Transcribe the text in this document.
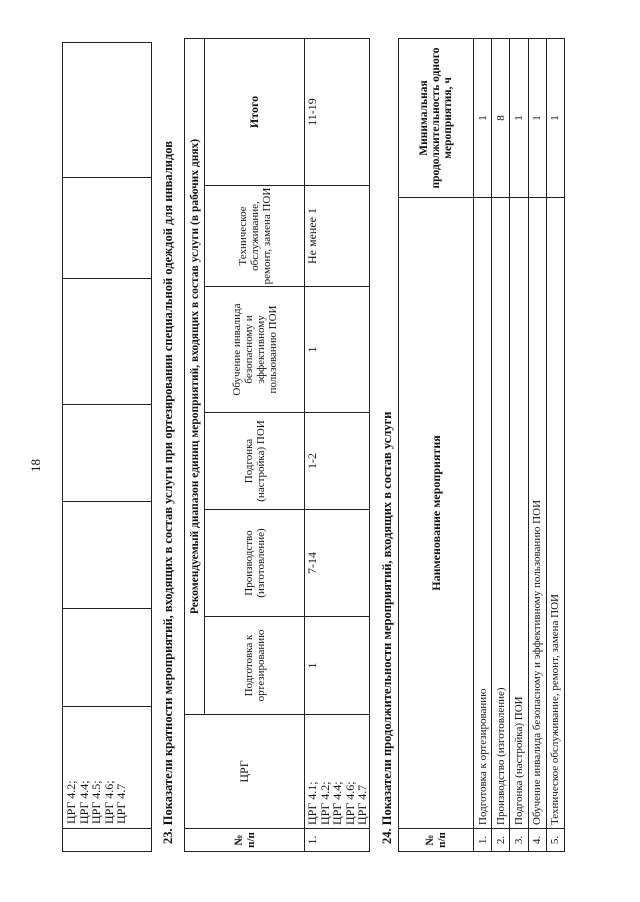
18

ЦРГ 4.2;
ЦРГ 4.4;
ЦРГ 4.5;
ЦРГ 4.6;
ЦРГ 4.7
							23. Показатели кратности мероприятий, входящих в состав услуги при ортезировании специальной одеждой для инвалидов	№ п/п	ЦРГ	Рекомендуемый диапазон единиц мероприятий, входящих в состав услуги (в рабочих днях)					
		Подготовка к ортезированию	Производство (изготовление)	Подгонка (настройка) ПОИ	Обучение инвалида безопасному и эффективному пользованию ПОИ	Техническое обслуживание, ремонт, замена ПОИ	Итого
1.	ЦРГ 4.1;
ЦРГ 4.2;
ЦРГ 4.4;
ЦРГ 4.6;
ЦРГ 4.7	1	7-14	1-2	1	Не менее 1	11-19
24. Показатели продолжительности мероприятий, входящих в состав услуги	№ п/п	Наименование мероприятия	Минимальная продолжительность одного мероприятия, ч
1.	Подготовка к ортезированию	1
2.	Производство (изготовление)	8
3.	Подгонка (настройка) ПОИ	1
4.	Обучение инвалида безопасному и эффективному пользованию ПОИ	1
5.	Техническое обслуживание, ремонт, замена ПОИ	1
